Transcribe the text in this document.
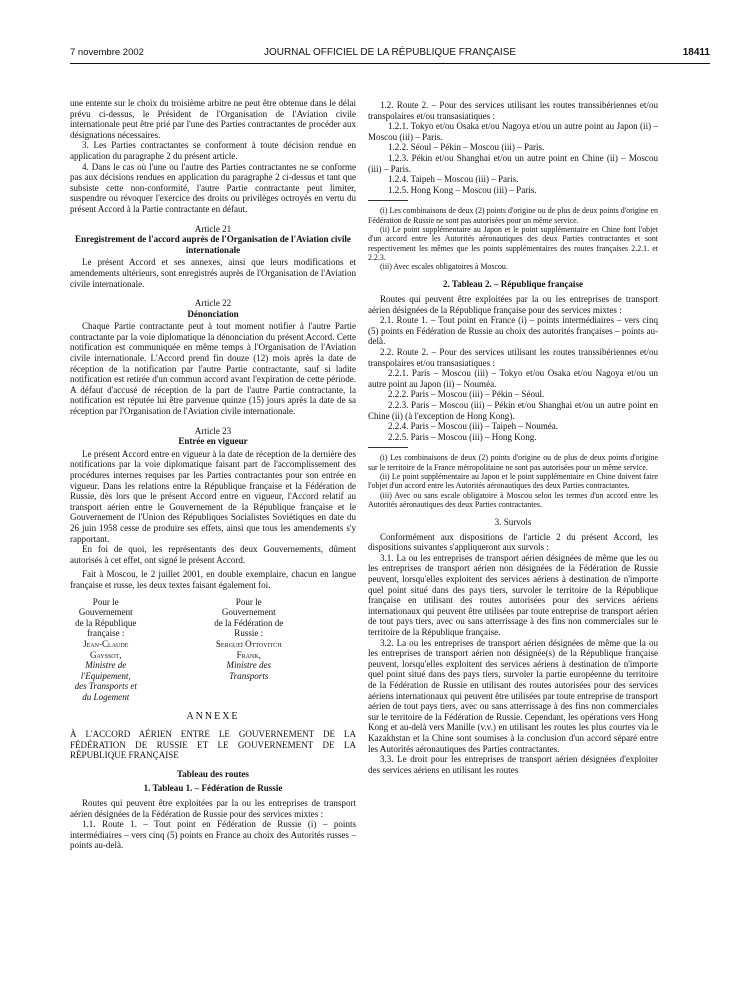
7 novembre 2002	JOURNAL OFFICIEL DE LA RÉPUBLIQUE FRANÇAISE	18411

une entente sur le choix du troisième arbitre ne peut être obtenue dans le délai prévu ci-dessus, le Président de l'Organisation de l'Aviation civile internationale peut être prié par l'une des Parties contractantes de procéder aux désignations nécessaires.

3. Les Parties contractantes se conforment à toute décision rendue en application du paragraphe 2 du présent article.

4. Dans le cas où l'une ou l'autre des Parties contractantes ne se conforme pas aux décisions rendues en application du paragraphe 2 ci-dessus et tant que subsiste cette non-conformité, l'autre Partie contractante peut limiter, suspendre ou révoquer l'exercice des droits ou privilèges octroyés en vertu du présent Accord à la Partie contractante en défaut.

Article 21
Enregistrement de l'accord auprès de l'Organisation de l'Aviation civile internationale

Le présent Accord et ses annexes, ainsi que leurs modifications et amendements ultérieurs, sont enregistrés auprès de l'Organisation de l'Aviation civile internationale.

Article 22
Dénonciation

Chaque Partie contractante peut à tout moment notifier à l'autre Partie contractante par la voie diplomatique la dénonciation du présent Accord. Cette notification est communiquée en même temps à l'Organisation de l'Aviation civile internationale. L'Accord prend fin douze (12) mois après la date de réception de la notification par l'autre Partie contractante, sauf si ladite notification est retirée d'un commun accord avant l'expiration de cette période. A défaut d'accusé de réception de la part de l'autre Partie contractante, la notification est réputée lui être parvenue quinze (15) jours après la date de sa réception par l'Organisation de l'Aviation civile internationale.

Article 23
Entrée en vigueur

Le présent Accord entre en vigueur à la date de réception de la dernière des notifications par la voie diplomatique faisant part de l'accomplissement des procédures internes requises par les Parties contractantes pour son entrée en vigueur. Dans les relations entre la République française et la Fédération de Russie, dès lors que le présent Accord entre en vigueur, l'Accord relatif au transport aérien entre le Gouvernement de la République française et le Gouvernement de l'Union des Républiques Socialistes Soviétiques en date du 26 juin 1958 cesse de produire ses effets, ainsi que tous les amendements s'y rapportant.

En foi de quoi, les représentants des deux Gouvernements, dûment autorisés à cet effet, ont signé le présent Accord.

Fait à Moscou, le 2 juillet 2001, en double exemplaire, chacun en langue française et russe, les deux textes faisant également foi.

Pour le Gouvernement
de la République française :
Jean-Claude Gayssot,
Ministre de l'Equipement,
des Transports et du Logement
Pour le Gouvernement
de la Fédération de Russie :
Sergueï Ottovitch Frank,
Ministre des Transports
ANNEXE

À L'ACCORD AÉRIEN ENTRE LE GOUVERNEMENT DE LA FÉDÉRATION DE RUSSIE ET LE GOUVERNEMENT DE LA RÉPUBLIQUE FRANÇAISE

Tableau des routes
1. Tableau 1. – Fédération de Russie

Routes qui peuvent être exploitées par la ou les entreprises de transport aérien désignées de la Fédération de Russie pour des services mixtes :

1.1. Route 1. – Tout point en Fédération de Russie (i) – points intermédiaires – vers cinq (5) points en France au choix des Autorités russes – points au-delà.

1.2. Route 2. – Pour des services utilisant les routes transsibériennes et/ou transpolaires et/ou transasiatiques :

1.2.1. Tokyo et/ou Osaka et/ou Nagoya et/ou un autre point au Japon (ii) – Moscou (iii) – Paris.

1.2.2. Séoul – Pékin – Moscou (iii) – Paris.

1.2.3. Pékin et/ou Shanghai et/ou un autre point en Chine (ii) – Moscou (iii) – Paris.

1.2.4. Taipeh – Moscou (iii) – Paris.

1.2.5. Hong Kong – Moscou (iii) – Paris.

(i) Les combinaisons de deux (2) points d'origine ou de plus de deux points d'origine en Fédération de Russie ne sont pas autorisées pour un même service.

(ii) Le point supplémentaire au Japon et le point supplémentaire en Chine font l'objet d'un accord entre les Autorités aéronautiques des deux Parties contractantes et sont respectivement les mêmes que les points supplémentaires des routes françaises 2.2.1. et 2.2.3.

(iii) Avec escales obligatoires à Moscou.

2. Tableau 2. – République française

Routes qui peuvent être exploitées par la ou les entreprises de transport aérien désignées de la République française pour des services mixtes :

2.1. Route 1. – Tout point en France (i) – points intermédiaires – vers cinq (5) points en Fédération de Russie au choix des autorités françaises – points au-delà.

2.2. Route 2. – Pour des services utilisant les routes transsibériennes et/ou transpolaires et/ou transasiatiques :

2.2.1. Paris – Moscou (iii) – Tokyo et/ou Osaka et/ou Nagoya et/ou un autre point au Japon (ii) – Nouméa.

2.2.2. Paris – Moscou (iii) – Pékin – Séoul.

2.2.3. Paris – Moscou (iii) – Pékin et/ou Shanghai et/ou un autre point en Chine (ii) (à l'exception de Hong Kong).

2.2.4. Paris – Moscou (iii) – Taipeh – Nouméa.

2.2.5. Paris – Moscou (iii) – Hong Kong.

(i) Les combinaisons de deux (2) points d'origine ou de plus de deux points d'origine sur le territoire de la France métropolitaine ne sont pas autorisées pour un même service.

(ii) Le point supplémentaire au Japon et le point supplémentaire en Chine doivent faire l'objet d'un accord entre les Autorités aéronautiques des deux Parties contractantes.

(iii) Avec ou sans escale obligatoire à Moscou selon les termes d'un accord entre les Autorités aéronautiques des deux Parties contractantes.

3. Survols

Conformément aux dispositions de l'article 2 du présent Accord, les dispositions suivantes s'appliqueront aux survols :

3.1. La ou les entreprises de transport aérien désignées de même que les ou les entreprises de transport aérien non désignées de la Fédération de Russie peuvent, lorsqu'elles exploitent des services aériens à destination de n'importe quel point situé dans des pays tiers, survoler le territoire de la République française en utilisant des routes autorisées pour des services aériens internationaux qui peuvent être utilisées par toute entreprise de transport aérien de tout pays tiers, avec ou sans atterrissage à des fins non commerciales sur le territoire de la République française.

3.2. La ou les entreprises de transport aérien désignées de même que la ou les entreprises de transport aérien non désignée(s) de la République française peuvent, lorsqu'elles exploitent des services aériens à destination de n'importe quel point situé dans des pays tiers, survoler la partie européenne du territoire de la Fédération de Russie en utilisant des routes autorisées pour des services aériens internationaux qui peuvent être utilisées par toute entreprise de transport aérien de tout pays tiers, avec ou sans atterrissage à des fins non commerciales sur le territoire de la Fédération de Russie. Cependant, les opérations vers Hong Kong et au-delà vers Manille (v.v.) en utilisant les routes les plus courtes via le Kazakhstan et la Chine sont soumises à la conclusion d'un accord séparé entre les Autorités aéronautiques des Parties contractantes.

3.3. Le droit pour les entreprises de transport aérien désignées d'exploiter des services aériens en utilisant les routes
